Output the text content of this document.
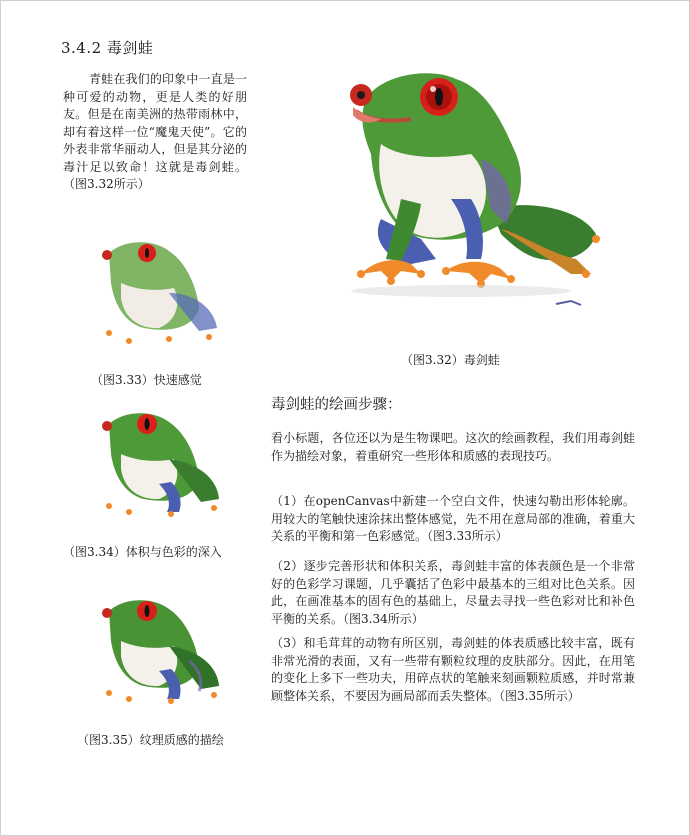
3.4.2 毒剑蛙
青蛙在我们的印象中一直是一种可爱的动物，更是人类的好朋友。但是在南美洲的热带雨林中，却有着这样一位“魔鬼天使”。它的外表非常华丽动人，但是其分泌的毒汁足以致命！这就是毒剑蛙。（图3.32所示）
（图3.32）毒剑蛙
（图3.33）快速感觉
（图3.34）体积与色彩的深入
（图3.35）纹理质感的描绘
毒剑蛙的绘画步骤：
看小标题，各位还以为是生物课吧。这次的绘画教程，我们用毒剑蛙作为描绘对象，着重研究一些形体和质感的表现技巧。
（1）在openCanvas中新建一个空白文件，快速勾勒出形体轮廓。用较大的笔触快速涂抹出整体感觉，先不用在意局部的准确，着重大关系的平衡和第一色彩感觉。（图3.33所示）
（2）逐步完善形状和体积关系，毒剑蛙丰富的体表颜色是一个非常好的色彩学习课题，几乎囊括了色彩中最基本的三组对比色关系。因此，在画准基本的固有色的基础上，尽量去寻找一些色彩对比和补色平衡的关系。（图3.34所示）
（3）和毛茸茸的动物有所区别，毒剑蛙的体表质感比较丰富，既有非常光滑的表面，又有一些带有颗粒纹理的皮肤部分。因此，在用笔的变化上多下一些功夫，用碎点状的笔触来刻画颗粒质感，并时常兼顾整体关系，不要因为画局部而丢失整体。（图3.35所示）
